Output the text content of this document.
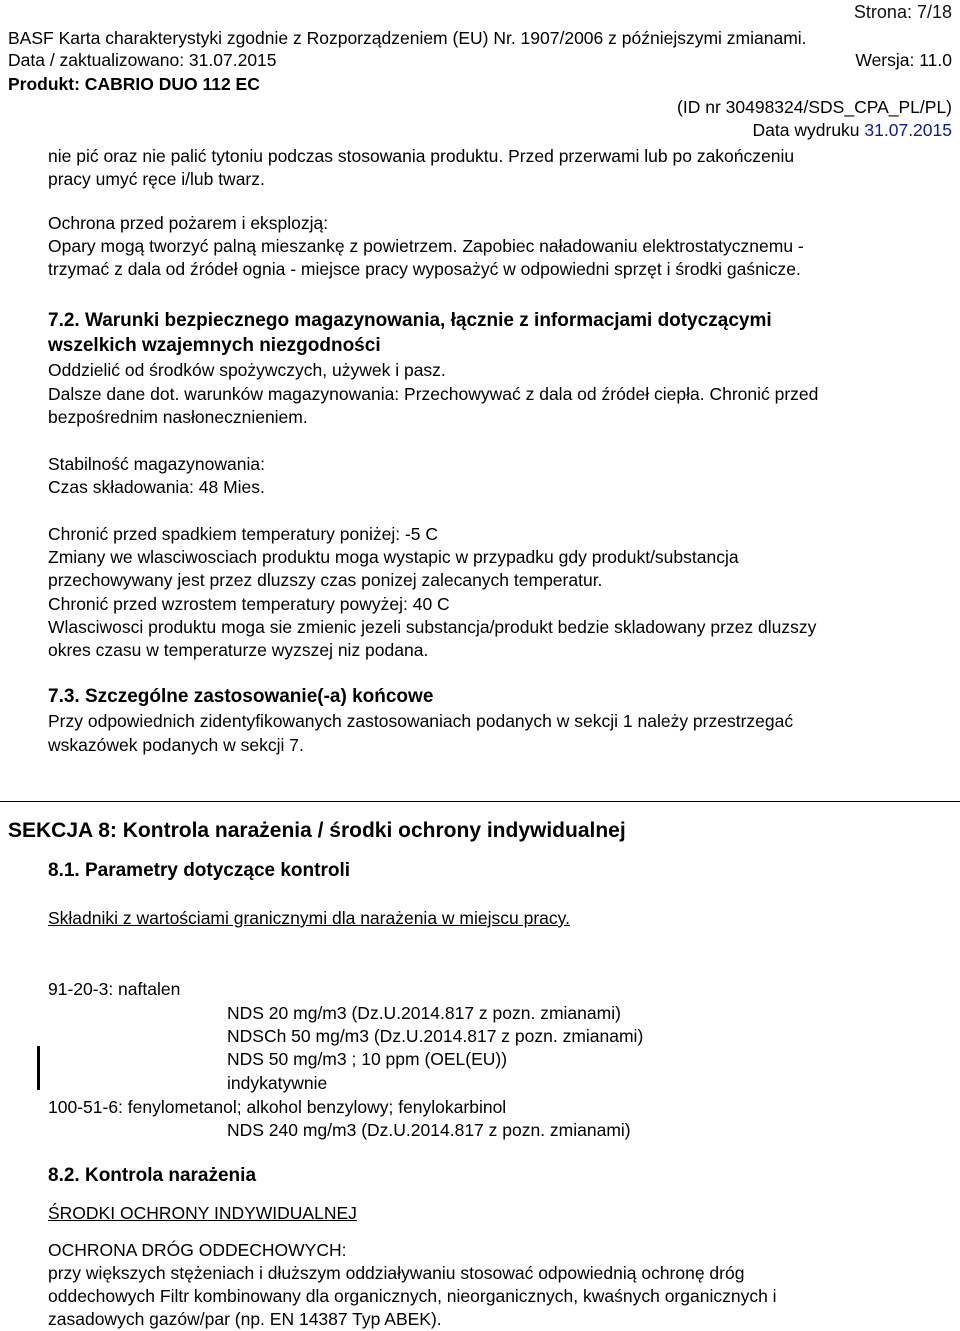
Strona: 7/18
BASF Karta charakterystyki zgodnie z Rozporządzeniem (EU) Nr. 1907/2006 z późniejszymi zmianami.
Data / zaktualizowano: 31.07.2015	Wersja: 11.0
Produkt: CABRIO DUO 112 EC
(ID nr 30498324/SDS_CPA_PL/PL)
Data wydruku 31.07.2015
nie pić oraz nie palić tytoniu podczas stosowania produktu. Przed przerwami lub po zakończeniu
pracy umyć ręce i/lub twarz.
Ochrona przed pożarem i eksplozją:
Opary mogą tworzyć palną mieszankę z powietrzem. Zapobiec naładowaniu elektrostatycznemu -
trzymać z dala od źródeł ognia - miejsce pracy wyposażyć w odpowiedni sprzęt i środki gaśnicze.
7.2. Warunki bezpiecznego magazynowania, łącznie z informacjami dotyczącymi
wszelkich wzajemnych niezgodności
Oddzielić od środków spożywczych, używek i pasz.
Dalsze dane dot. warunków magazynowania: Przechowywać z dala od źródeł ciepła. Chronić przed
bezpośrednim nasłonecznieniem.
Stabilność magazynowania:
Czas składowania: 48 Mies.
Chronić przed spadkiem temperatury poniżej: -5 C
Zmiany we wlasciwosciach produktu moga wystapic w przypadku gdy produkt/substancja
przechowywany jest przez dluzszy czas ponizej zalecanych temperatur.
Chronić przed wzrostem temperatury powyżej: 40 C
Wlasciwosci produktu moga sie zmienic jezeli substancja/produkt bedzie skladowany przez dluzszy
okres czasu w temperaturze wyzszej niz podana.
7.3. Szczególne zastosowanie(-a) końcowe
Przy odpowiednich zidentyfikowanych zastosowaniach podanych w sekcji 1 należy przestrzegać
wskazówek podanych w sekcji 7.
SEKCJA 8: Kontrola narażenia / środki ochrony indywidualnej
8.1. Parametry dotyczące kontroli
Składniki z wartościami granicznymi dla narażenia w miejscu pracy.
91-20-3: naftalen
NDS 20 mg/m3 (Dz.U.2014.817 z pozn. zmianami)
NDSCh 50 mg/m3 (Dz.U.2014.817 z pozn. zmianami)
NDS 50 mg/m3 ; 10 ppm (OEL(EU))
indykatywnie
100-51-6: fenylometanol; alkohol benzylowy; fenylokarbinol
NDS 240 mg/m3 (Dz.U.2014.817 z pozn. zmianami)
8.2. Kontrola narażenia
ŚRODKI OCHRONY INDYWIDUALNEJ
OCHRONA DRÓG ODDECHOWYCH:
przy większych stężeniach i dłuższym oddziaływaniu stosować odpowiednią ochronę dróg
oddechowych Filtr kombinowany dla organicznych, nieorganicznych, kwaśnych organicznych i
zasadowych gazów/par (np. EN 14387 Typ ABEK).
